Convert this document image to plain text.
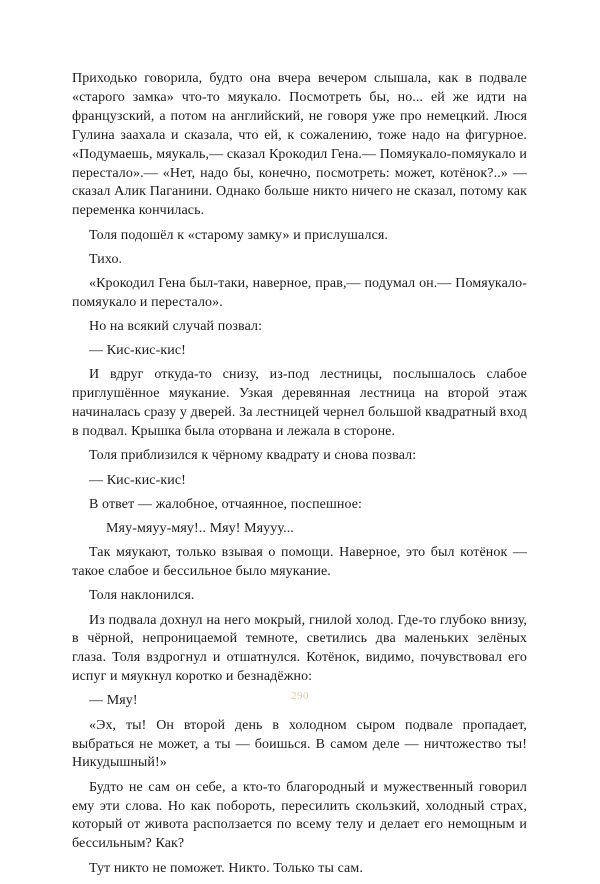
Приходько говорила, будто она вчера вечером слышала, как в подвале «старого замка» что-то мяукало. Посмотреть бы, но... ей же идти на французский, а потом на английский, не говоря уже про немецкий. Люся Гулина заахала и сказала, что ей, к сожалению, тоже надо на фигурное. «Подумаешь, мяукаль,— сказал Крокодил Гена.— Помяукало-помяукало и перестало».— «Нет, надо бы, конечно, посмотреть: может, котёнок?..» — сказал Алик Паганини. Однако больше никто ничего не сказал, потому как переменка кончилась.

Толя подошёл к «старому замку» и прислушался.

Тихо.

«Крокодил Гена был-таки, наверное, прав,— подумал он.— Помяукало-помяукало и перестало».

Но на всякий случай позвал:

— Кис-кис-кис!

И вдруг откуда-то снизу, из-под лестницы, послышалось слабое приглушённое мяукание. Узкая деревянная лестница на второй этаж начиналась сразу у дверей. За лестницей чернел большой квадратный вход в подвал. Крышка была оторвана и лежала в стороне.

Толя приблизился к чёрному квадрату и снова позвал:

— Кис-кис-кис!

В ответ — жалобное, отчаянное, поспешное:

Мяу-мяуу-мяу!.. Мяу! Мяууу...

Так мяукают, только взывая о помощи. Наверное, это был котёнок — такое слабое и бессильное было мяукание.

Толя наклонился.

Из подвала дохнул на него мокрый, гнилой холод. Где-то глубоко внизу, в чёрной, непроницаемой темноте, светились два маленьких зелёных глаза. Толя вздрогнул и отшатнулся. Котёнок, видимо, почувствовал его испуг и мяукнул коротко и безнадёжно:

— Мяу!

«Эх, ты! Он второй день в холодном сыром подвале пропадает, выбраться не может, а ты — боишься. В самом деле — ничтожество ты! Никудышный!»

Будто не сам он себе, а кто-то благородный и мужественный говорил ему эти слова. Но как побороть, пересилить скользкий, холодный страх, который от живота расползается по всему телу и делает его немощным и бессильным? Как?

Тут никто не поможет. Никто. Только ты сам.

290
